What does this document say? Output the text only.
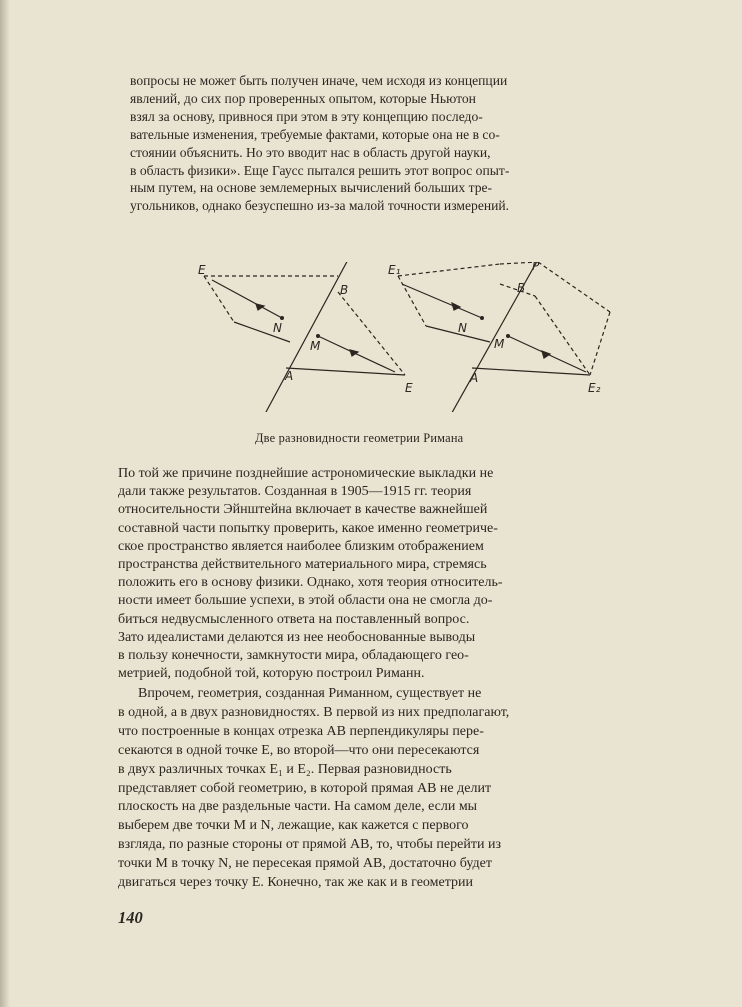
вопросы не может быть получен иначе, чем исходя из концепции
явлений, до сих пор проверенных опытом, которые Ньютон
взял за основу, привнося при этом в эту концепцию последо-
вательные изменения, требуемые фактами, которые она не в со-
стоянии объяснить. Но это вводит нас в область другой науки,
в область физики». Еще Гаусс пытался решить этот вопрос опыт-
ным путем, на основе землемерных вычислений больших тре-
угольников, однако безуспешно из-за малой точности измерений.
E
B
N
M
A
E
E₁	P
B
N
M
A
E₂
Две разновидности геометрии Римана
По той же причине позднейшие астрономические выкладки не
дали также результатов. Созданная в 1905—1915 гг. теория
относительности Эйнштейна включает в качестве важнейшей
составной части попытку проверить, какое именно геометриче-
ское пространство является наиболее близким отображением
пространства действительного материального мира, стремясь
положить его в основу физики. Однако, хотя теория относитель-
ности имеет большие успехи, в этой области она не смогла до-
биться недвусмысленного ответа на поставленный вопрос.
Зато идеалистами делаются из нее необоснованные выводы
в пользу конечности, замкнутости мира, обладающего гео-
метрией, подобной той, которую построил Риманн.
Впрочем, геометрия, созданная Риманном, существует не
в одной, а в двух разновидностях. В первой из них предполагают,
что построенные в концах отрезка AB перпендикуляры пере-
секаются в одной точке E, во второй—что они пересекаются
в двух различных точках E₁ и E₂. Первая разновидность
представляет собой геометрию, в которой прямая AB не делит
плоскость на две раздельные части. На самом деле, если мы
выберем две точки M и N, лежащие, как кажется с первого
взгляда, по разные стороны от прямой AB, то, чтобы перейти из
точки M в точку N, не пересекая прямой AB, достаточно будет
двигаться через точку E. Конечно, так же как и в геометрии
140
